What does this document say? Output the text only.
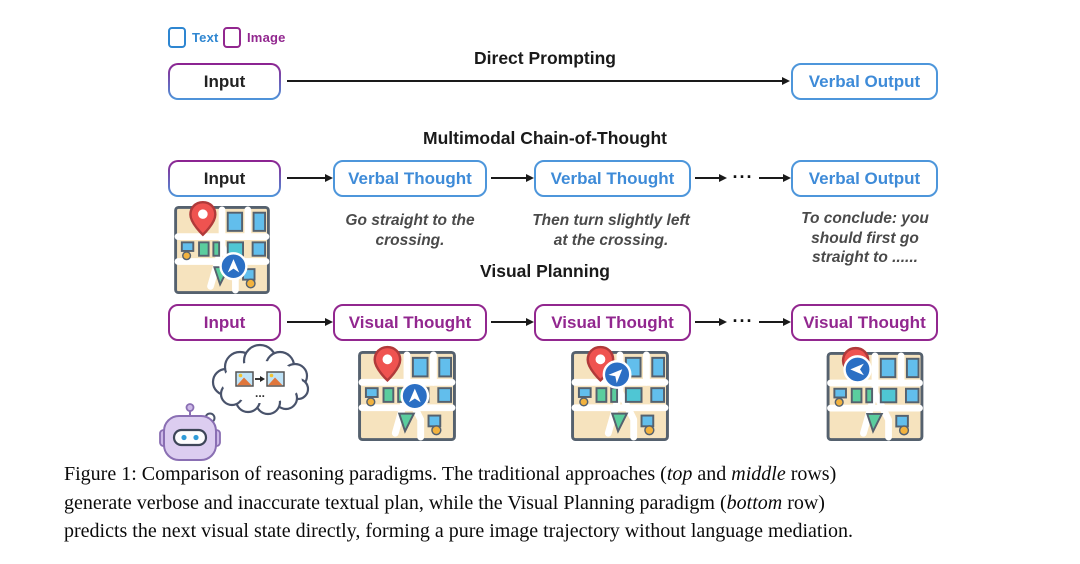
Text Image
Direct Prompting
Input	Verbal Output
Multimodal Chain-of-Thought
Input	Verbal Thought	Verbal Thought	...	Verbal Output
Go straight to the crossing.
Then turn slightly left at the crossing.
To conclude: you should first go straight to ......
Visual Planning
Input	Visual Thought	Visual Thought	...	Visual Thought
...
Figure 1: Comparison of reasoning paradigms. The traditional approaches (top and middle rows)
generate verbose and inaccurate textual plan, while the Visual Planning paradigm (bottom row)
predicts the next visual state directly, forming a pure image trajectory without language mediation.
